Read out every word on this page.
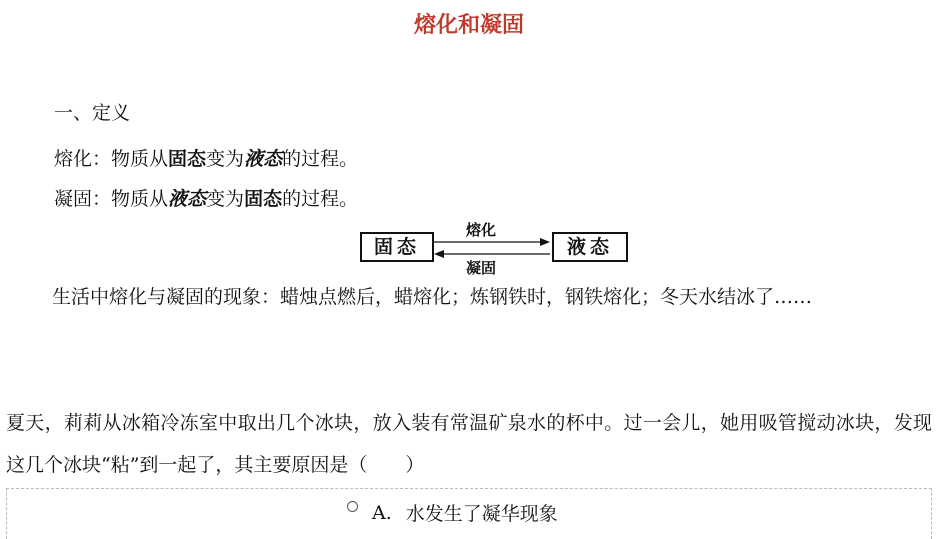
熔化和凝固
一、定义
熔化：物质从固态变为液态的过程。
凝固：物质从液态变为固态的过程。
固态	液态
熔化
凝固
生活中熔化与凝固的现象：蜡烛点燃后，蜡熔化；炼钢铁时，钢铁熔化；冬天水结冰了……
夏天，莉莉从冰箱冷冻室中取出几个冰块，放入装有常温矿泉水的杯中。过一会儿，她用吸管搅动冰块，发现这几个冰块“粘”到一起了，其主要原因是（　　）
A. 水发生了凝华现象
